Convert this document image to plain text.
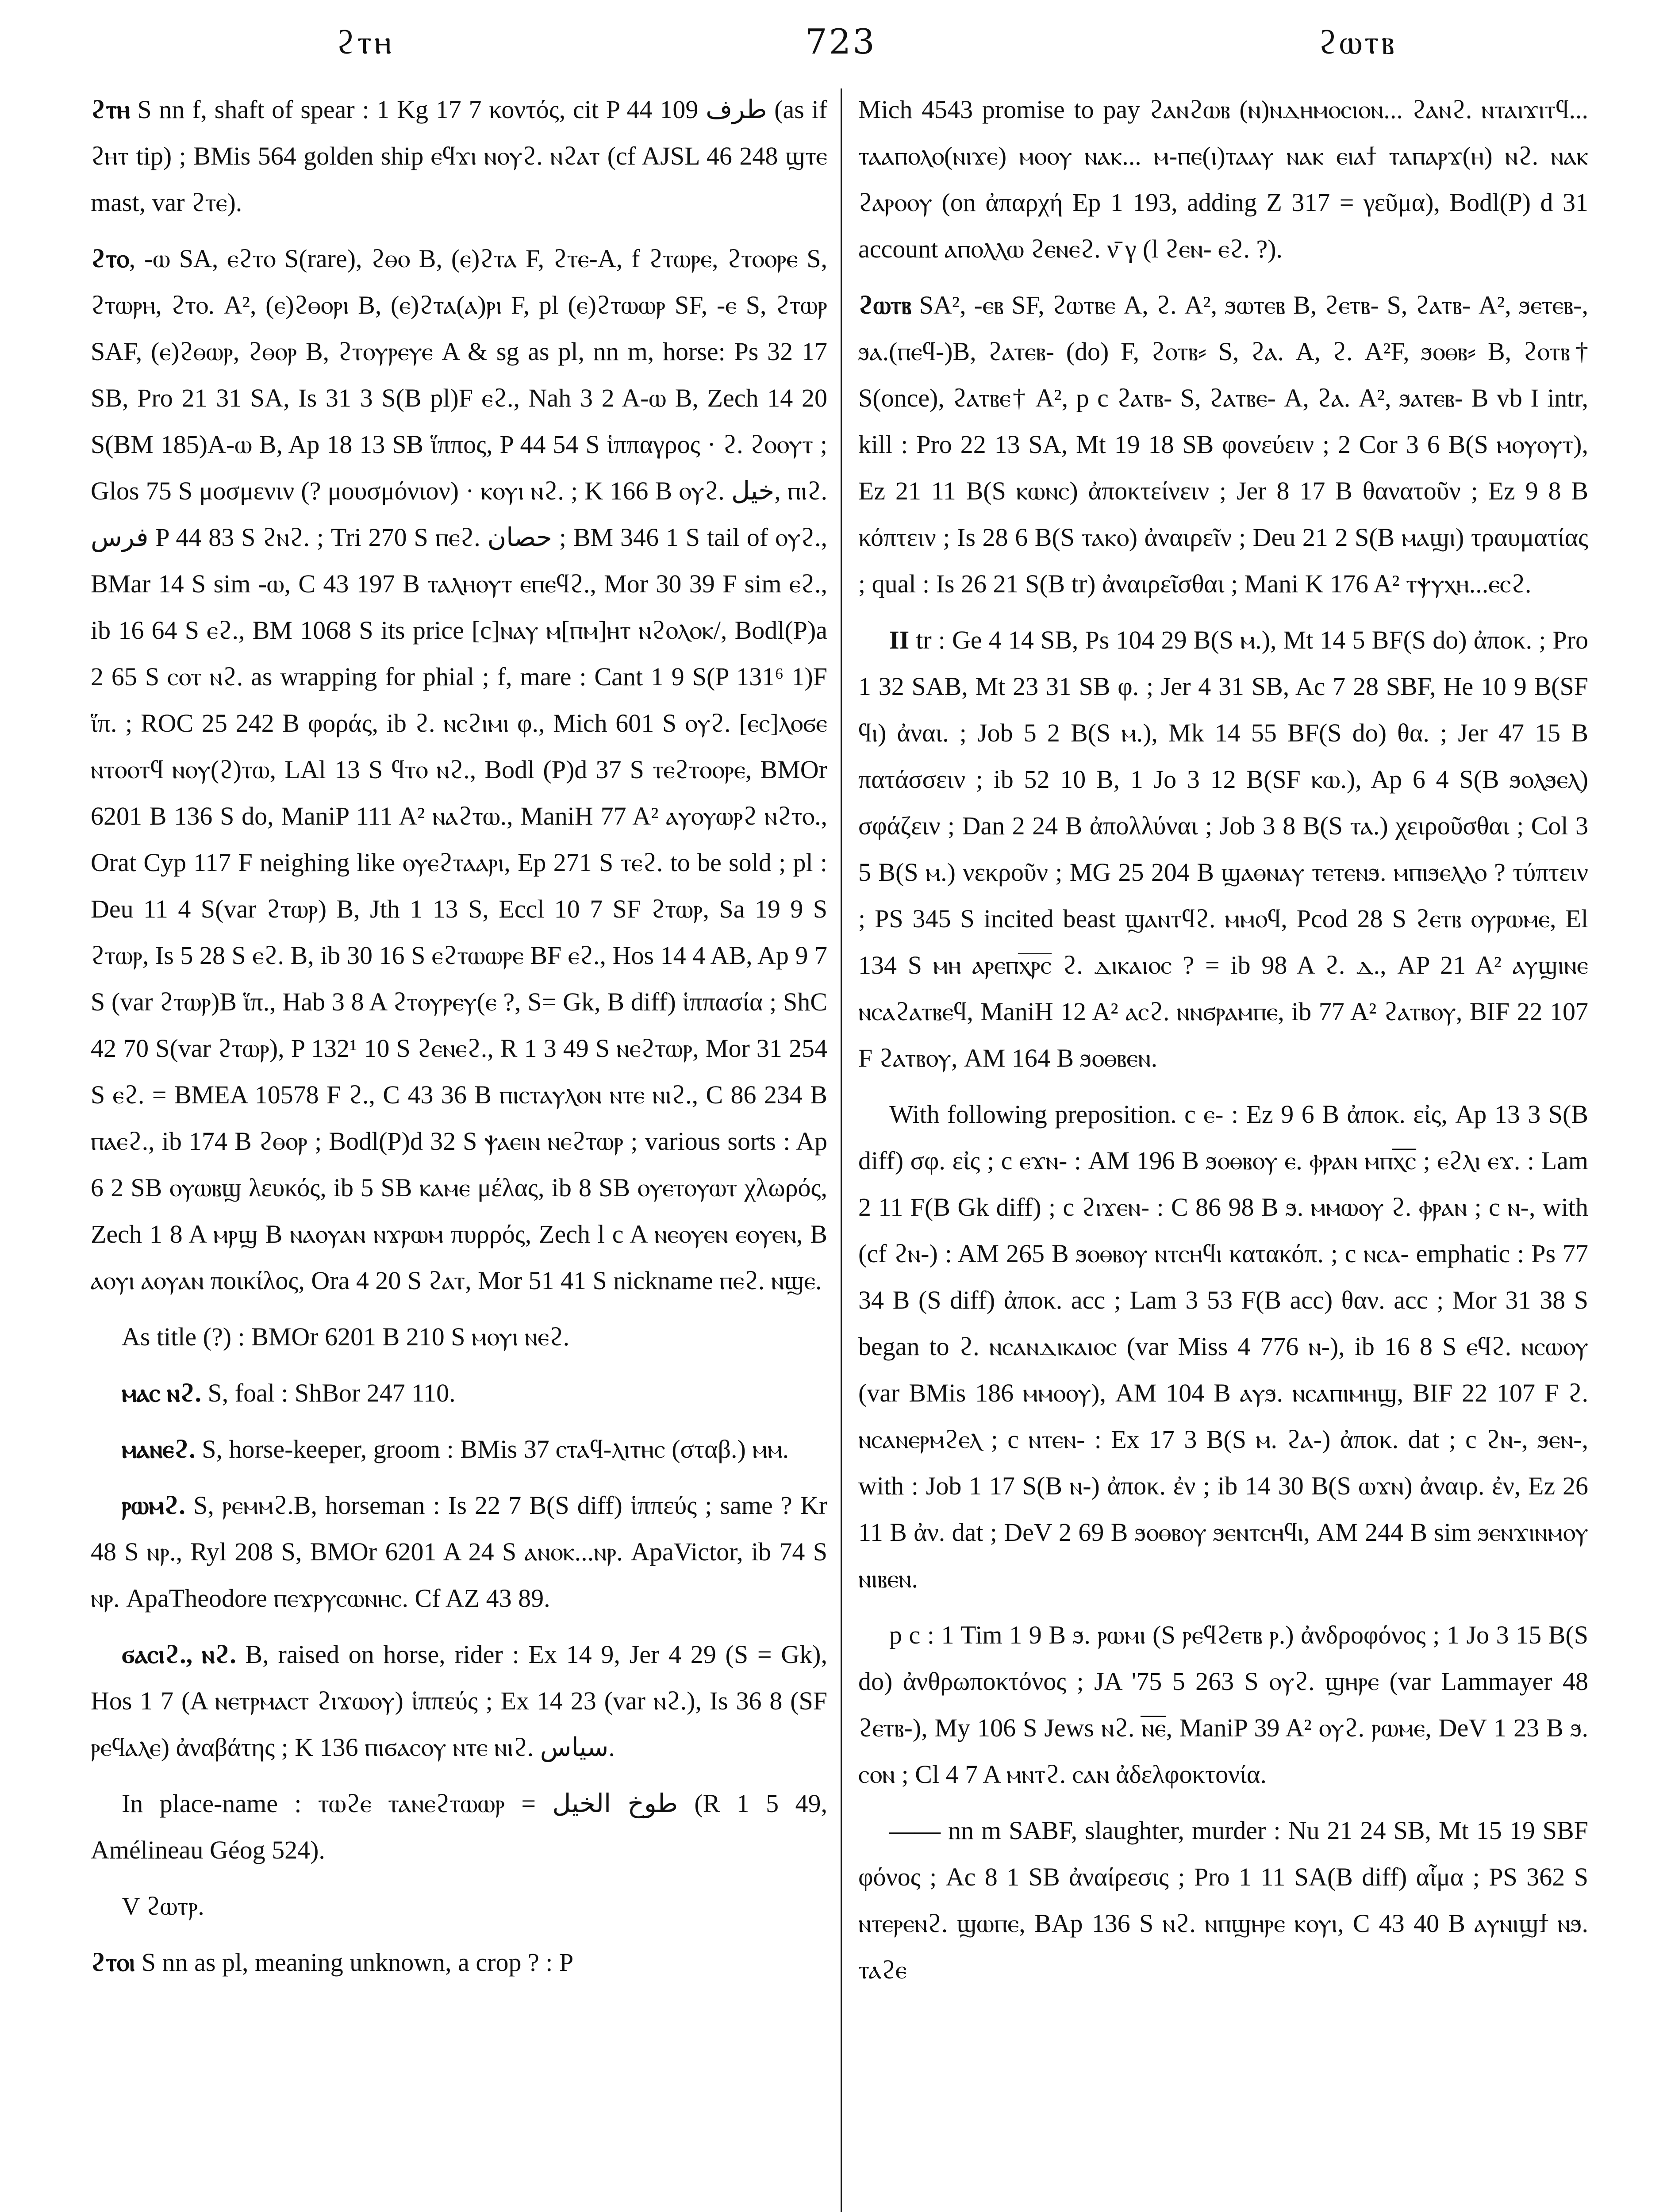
ϩⲧⲏ	723	ϩⲱⲧⲃ

ϩⲧⲏ S nn f, shaft of spear : 1 Kg 17 7 κοντός, cit P 44 109 طرف (as if ϩⲏⲧ tip) ; BMis 564 golden ship ⲉϥϫⲓ ⲛⲟⲩϩ. ⲛϩⲁⲧ (cf AJSL 46 248 ϣⲧⲉ mast, var ϩⲧⲉ).

ϩⲧⲟ, -ⲱ SA, ⲉϩⲧⲟ S(rare), ϩⲑⲟ B, (ⲉ)ϩⲧⲁ F, ϩⲧⲉ-A, f ϩⲧⲱⲣⲉ, ϩⲧⲟⲟⲣⲉ S, ϩⲧⲱⲣⲏ, ϩⲧⲟ. A², (ⲉ)ϩⲑⲟⲣⲓ B, (ⲉ)ϩⲧⲁ(ⲁ)ⲣⲓ F, pl (ⲉ)ϩⲧⲱⲱⲣ SF, -ⲉ S, ϩⲧⲱⲣ SAF, (ⲉ)ϩⲑⲱⲣ, ϩⲑⲟⲣ B, ϩⲧⲟⲩⲣⲉⲩⲉ A & sg as pl, nn m, horse: Ps 32 17 SB, Pro 21 31 SA, Is 31 3 S(B pl)F ⲉϩ., Nah 3 2 A-ⲱ B, Zech 14 20 S(BM 185)A-ⲱ B, Ap 18 13 SB ἵππος, P 44 54 S ἱππαγρος · ϩ. ϩⲟⲟⲩⲧ ; Glos 75 S μοσμενιν (? μουσμόνιον) · ⲕⲟⲩⲓ ⲛϩ. ; K 166 B ⲟⲩϩ. خيل, ⲡⲓϩ. فرس P 44 83 S ϩⲛϩ. ; Tri 270 S ⲡⲉϩ. حصان ; BM 346 1 S tail of ⲟⲩϩ., BMar 14 S sim -ⲱ, C 43 197 B ⲧⲁⲗⲏⲟⲩⲧ ⲉⲡⲉϥϩ., Mor 30 39 F sim ⲉϩ., ib 16 64 S ⲉϩ., BM 1068 S its price [c]ⲛⲁⲩ ⲙ[ⲡⲙ]ⲏⲧ ⲛϩⲟⲗⲟⲕ/, Bodl(P)a 2 65 S ⲥⲟⲧ ⲛϩ. as wrapping for phial ; f, mare : Cant 1 9 S(P 131⁶ 1)F ἵπ. ; ROC 25 242 B φοράς, ib ϩ. ⲛⲥϩⲓⲙⲓ φ., Mich 601 S ⲟⲩϩ. [ⲉⲥ]ⲗⲟϭⲉ ⲛⲧⲟⲟⲧϥ ⲛⲟⲩ(ϩ)ⲧⲱ, LAl 13 S ϥⲧⲟ ⲛϩ., Bodl (P)d 37 S ⲧⲉϩⲧⲟⲟⲣⲉ, BMOr 6201 B 136 S do, ManiP 111 A² ⲛⲁϩⲧⲱ., ManiH 77 A² ⲁⲩⲟⲩⲱⲣϩ ⲛϩⲧⲟ., Orat Cyp 117 F neighing like ⲟⲩⲉϩⲧⲁⲁⲣⲓ, Ep 271 S ⲧⲉϩ. to be sold ; pl : Deu 11 4 S(var ϩⲧⲱⲣ) B, Jth 1 13 S, Eccl 10 7 SF ϩⲧⲱⲣ, Sa 19 9 S ϩⲧⲱⲣ, Is 5 28 S ⲉϩ. B, ib 30 16 S ⲉϩⲧⲱⲱⲣⲉ BF ⲉϩ., Hos 14 4 AB, Ap 9 7 S (var ϩⲧⲱⲣ)B ἵπ., Hab 3 8 A ϩⲧⲟⲩⲣⲉⲩ(ⲉ ?, S= Gk, B diff) ἱππασία ; ShC 42 70 S(var ϩⲧⲱⲣ), P 132¹ 10 S ϩⲉⲛⲉϩ., R 1 3 49 S ⲛⲉϩⲧⲱⲣ, Mor 31 254 S ⲉϩ. = BMEA 10578 F ϩ., C 43 36 B ⲡⲓⲥⲧⲁⲩⲗⲟⲛ ⲛⲧⲉ ⲛⲓϩ., C 86 234 B ⲡⲁⲉϩ., ib 174 B ϩⲑⲟⲣ ; Bodl(P)d 32 S ⲯⲁⲉⲓⲛ ⲛⲉϩⲧⲱⲣ ; various sorts : Ap 6 2 SB ⲟⲩⲱⲃϣ λευκός, ib 5 SB ⲕⲁⲙⲉ μέλας, ib 8 SB ⲟⲩⲉⲧⲟⲩⲱⲧ χλωρός, Zech 1 8 A ⲙⲣϣ B ⲛⲁⲟⲩⲁⲛ ⲛϫⲣⲱⲙ πυρρός, Zech l c A ⲛⲉⲟⲩⲉⲛ ⲉⲟⲩⲉⲛ, B ⲁⲟⲩⲓ ⲁⲟⲩⲁⲛ ποικίλος, Ora 4 20 S ϩⲁⲧ, Mor 51 41 S nickname ⲡⲉϩ. ⲛϣⲉ.

As title (?) : BMOr 6201 B 210 S ⲙⲟⲩⲓ ⲛⲉϩ.

ⲙⲁⲥ ⲛϩ. S, foal : ShBor 247 110.

ⲙⲁⲛⲉϩ. S, horse-keeper, groom : BMis 37 ⲥⲧⲁϥ-ⲗⲓⲧⲏⲥ (σταβ.) ⲙⲙ.

ⲣⲱⲙϩ. S, ⲣⲉⲙⲙϩ.B, horseman : Is 22 7 B(S diff) ἱππεύς ; same ? Kr 48 S ⲛⲣ., Ryl 208 S, BMOr 6201 A 24 S ⲁⲛⲟⲕ...ⲛⲣ. ApaVictor, ib 74 S ⲛⲣ. ApaTheodore ⲡⲉϫⲣⲩⲥⲱⲛⲏⲥ. Cf AZ 43 89.

ϭⲁⲥⲓϩ., ⲛϩ. B, raised on horse, rider : Ex 14 9, Jer 4 29 (S = Gk), Hos 1 7 (A ⲛⲉⲧⲣⲙⲁⲥⲧ ϩⲓϫⲱⲟⲩ) ἱππεύς ; Ex 14 23 (var ⲛϩ.), Is 36 8 (SF ⲣⲉϥⲁⲗⲉ) ἀναβάτης ; K 136 ⲡⲓϭⲁⲥⲟⲩ ⲛⲧⲉ ⲛⲓϩ. سياس.

In place-name : ⲧⲱϩⲉ ⲧⲁⲛⲉϩⲧⲱⲱⲣ = طوخ الخيل (R 1 5 49, Amélineau Géog 524).

V ϩⲱⲧⲣ.

ϩⲧⲟⲓ S nn as pl, meaning unknown, a crop ? : P

Mich 4543 promise to pay ϩⲁⲛϩⲱⲃ (ⲛ)ⲛⲇⲏⲙⲟⲥⲓⲟⲛ... ϩⲁⲛϩ. ⲛⲧⲁⲓϫⲓⲧϥ... ⲧⲁⲁⲡⲟⲗⲟ(ⲛⲓϫⲉ) ⲙⲟⲟⲩ ⲛⲁⲕ... ⲙ-ⲡⲉ(ⲓ)ⲧⲁⲁⲩ ⲛⲁⲕ ⲉⲓⲁϯ ⲧⲁⲡⲁⲣϫ(ⲏ) ⲛϩ. ⲛⲁⲕ ϩⲁⲣⲟⲟⲩ (on ἀπαρχή Ep 1 193, adding Z 317 = γεῦμα), Bodl(P) d 31 account ⲁⲡⲟⲗⲗⲱ ϩⲉⲛⲉϩ. ν̄ γ (l ϩⲉⲛ- ⲉϩ. ?).

ϩⲱⲧⲃ SA², -ⲉⲃ SF, ϩⲱⲧⲃⲉ A, ϩ. A², ϧⲱⲧⲉⲃ B, ϩⲉⲧⲃ- S, ϩⲁⲧⲃ- A², ϧⲉⲧⲉⲃ-, ϧⲁ.(ⲡⲉϥ-)B, ϩⲁⲧⲉⲃ- (do) F, ϩⲟⲧⲃ⸗ S, ϩⲁ. A, ϩ. A²F, ϧⲟⲑⲃ⸗ B, ϩⲟⲧⲃ† S(once), ϩⲁⲧⲃⲉ† A², p c ϩⲁⲧⲃ- S, ϩⲁⲧⲃⲉ- A, ϩⲁ. A², ϧⲁⲧⲉⲃ- B vb I intr, kill : Pro 22 13 SA, Mt 19 18 SB φονεύειν ; 2 Cor 3 6 B(S ⲙⲟⲩⲟⲩⲧ), Ez 21 11 B(S ⲕⲱⲛⲥ) ἀποκτείνειν ; Jer 8 17 B θανατοῦν ; Ez 9 8 B κόπτειν ; Is 28 6 B(S ⲧⲁⲕⲟ) ἀναιρεῖν ; Deu 21 2 S(B ⲙⲁϣⲓ) τραυματίας ; qual : Is 26 21 S(B tr) ἀναιρεῖσθαι ; Mani K 176 A² ⲧⲯⲩⲭⲏ...ⲉⲥϩ.

II tr : Ge 4 14 SB, Ps 104 29 B(S ⲙ.), Mt 14 5 BF(S do) ἀποκ. ; Pro 1 32 SAB, Mt 23 31 SB φ. ; Jer 4 31 SB, Ac 7 28 SBF, He 10 9 B(SF ϥⲓ) ἀναι. ; Job 5 2 B(S ⲙ.), Mk 14 55 BF(S do) θα. ; Jer 47 15 B πατάσσειν ; ib 52 10 B, 1 Jo 3 12 B(SF ⲕⲱ.), Ap 6 4 S(B ϧⲟⲗϧⲉⲗ) σφάζειν ; Dan 2 24 B ἀπολλύναι ; Job 3 8 B(S ⲧⲁ.) χειροῦσθαι ; Col 3 5 B(S ⲙ.) νεκροῦν ; MG 25 204 B ϣⲁⲑⲛⲁⲩ ⲧⲉⲧⲉⲛϧ. ⲙⲡⲓϧⲉⲗⲗⲟ ? τύπτειν ; PS 345 S incited beast ϣⲁⲛⲧϥϩ. ⲙⲙⲟϥ, Pcod 28 S ϩⲉⲧⲃ ⲟⲩⲣⲱⲙⲉ, El 134 S ⲙⲏ ⲁⲣⲉⲡⲭ̅ⲣ̅ⲥ̅ ϩ. ⲇⲓⲕⲁⲓⲟⲥ ? = ib 98 A ϩ. ⲇ., AP 21 A² ⲁⲩϣⲓⲛⲉ ⲛⲥⲁϩⲁⲧⲃⲉϥ, ManiH 12 A² ⲁⲥϩ. ⲛⲛϭⲣⲁⲙⲡⲉ, ib 77 A² ϩⲁⲧⲃⲟⲩ, BIF 22 107 F ϩⲁⲧⲃⲟⲩ, AM 164 B ϧⲟⲑⲃⲉⲛ.

With following preposition. c ⲉ- : Ez 9 6 B ἀποκ. εἰς, Ap 13 3 S(B diff) σφ. εἰς ; c ⲉϫⲛ- : AM 196 B ϧⲟⲑⲃⲟⲩ ⲉ. ⲫⲣⲁⲛ ⲙⲡⲭ̅ⲥ̅ ; ⲉϩⲗⲓ ⲉϫ. : Lam 2 11 F(B Gk diff) ; c ϩⲓϫⲉⲛ- : C 86 98 B ϧ. ⲙⲙⲱⲟⲩ ϩ. ⲫⲣⲁⲛ ; c ⲛ-, with (cf ϩⲛ-) : AM 265 B ϧⲟⲑⲃⲟⲩ ⲛⲧⲥⲏϥⲓ κατακόπ. ; c ⲛⲥⲁ- emphatic : Ps 77 34 B (S diff) ἀποκ. acc ; Lam 3 53 F(B acc) θαν. acc ; Mor 31 38 S began to ϩ. ⲛⲥⲁⲛⲇⲓⲕⲁⲓⲟⲥ (var Miss 4 776 ⲛ-), ib 16 8 S ⲉϥϩ. ⲛⲥⲱⲟⲩ (var BMis 186 ⲙⲙⲟⲟⲩ), AM 104 B ⲁⲩϧ. ⲛⲥⲁⲡⲓⲙⲏϣ, BIF 22 107 F ϩ. ⲛⲥⲁⲛⲉⲣⲙϩⲉⲗ ; c ⲛⲧⲉⲛ- : Ex 17 3 B(S ⲙ. ϩⲁ-) ἀποκ. dat ; c ϩⲛ-, ϧⲉⲛ-, with : Job 1 17 S(B ⲛ-) ἀποκ. ἐν ; ib 14 30 B(S ⲱϫⲛ) ἀναιρ. ἐν, Ez 26 11 B ἀν. dat ; DeV 2 69 B ϧⲟⲑⲃⲟⲩ ϧⲉⲛⲧⲥⲏϥⲓ, AM 244 B sim ϧⲉⲛϫⲓⲛⲙⲟⲩ ⲛⲓⲃⲉⲛ.

p c : 1 Tim 1 9 B ϧ. ⲣⲱⲙⲓ (S ⲣⲉϥϩⲉⲧⲃ ⲣ.) ἀνδροφόνος ; 1 Jo 3 15 B(S do) ἀνθρωποκτόνος ; JA '75 5 263 S ⲟⲩϩ. ϣⲏⲣⲉ (var Lammayer 48 ϩⲉⲧⲃ-), My 106 S Jews ⲛϩ. ⲛ̅ⲉ̅, ManiP 39 A² ⲟⲩϩ. ⲣⲱⲙⲉ, DeV 1 23 B ϧ. ⲥⲟⲛ ; Cl 4 7 A ⲙⲛⲧϩ. ⲥⲁⲛ ἀδελφοκτονία.

—— nn m SABF, slaughter, murder : Nu 21 24 SB, Mt 15 19 SBF φόνος ; Ac 8 1 SB ἀναίρεσις ; Pro 1 11 SA(B diff) αἷμα ; PS 362 S ⲛⲧⲉⲣⲉⲛϩ. ϣⲱⲡⲉ, BAp 136 S ⲛϩ. ⲛⲡϣⲏⲣⲉ ⲕⲟⲩⲓ, C 43 40 B ⲁⲩⲛⲓϣϯ ⲛϧ. ⲧⲁϩⲉ
